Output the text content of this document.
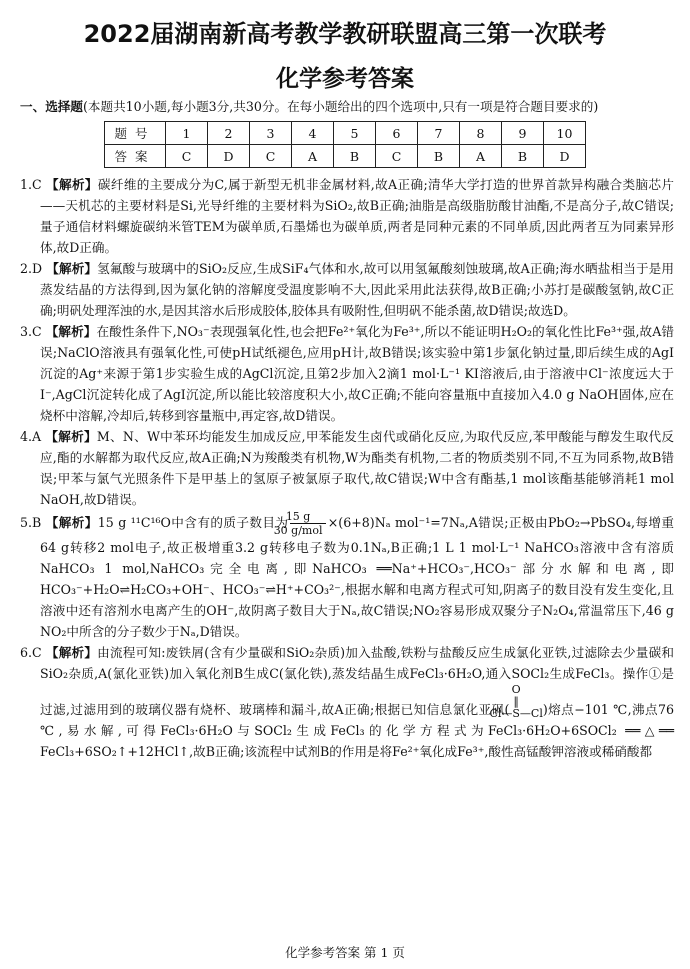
2022届湖南新高考教学教研联盟高三第一次联考
化学参考答案

一、选择题(本题共10小题,每小题3分,共30分。在每小题给出的四个选项中,只有一项是符合题目要求的)

题号	1	2	3	4	5	6	7	8	9	10
答案	C	D	C	A	B	C	B	A	B	D

1.C 【解析】碳纤维的主要成分为C,属于新型无机非金属材料,故A正确;清华大学打造的世界首款异构融合类脑芯片——天机芯的主要材料是Si,光导纤维的主要材料为SiO₂,故B正确;油脂是高级脂肪酸甘油酯,不是高分子,故C错误;量子通信材料螺旋碳纳米管TEM为碳单质,石墨烯也为碳单质,两者是同种元素的不同单质,因此两者互为同素异形体,故D正确。

2.D 【解析】氢氟酸与玻璃中的SiO₂反应,生成SiF₄气体和水,故可以用氢氟酸刻蚀玻璃,故A正确;海水晒盐相当于是用蒸发结晶的方法得到,因为氯化钠的溶解度受温度影响不大,因此采用此法获得,故B正确;小苏打是碳酸氢钠,故C正确;明矾处理浑浊的水,是因其溶水后形成胶体,胶体具有吸附性,但明矾不能杀菌,故D错误;故选D。

3.C 【解析】在酸性条件下,NO₃⁻表现强氧化性,也会把Fe²⁺氧化为Fe³⁺,所以不能证明H₂O₂的氧化性比Fe³⁺强,故A错误;NaClO溶液具有强氧化性,可使pH试纸褪色,应用pH计,故B错误;该实验中第1步氯化钠过量,即后续生成的AgI沉淀的Ag⁺来源于第1步实验生成的AgCl沉淀,且第2步加入2滴1 mol·L⁻¹ KI溶液后,由于溶液中Cl⁻浓度远大于I⁻,AgCl沉淀转化成了AgI沉淀,所以能比较溶度积大小,故C正确;不能向容量瓶中直接加入4.0 g NaOH固体,应在烧杯中溶解,冷却后,转移到容量瓶中,再定容,故D错误。

4.A 【解析】M、N、W中苯环均能发生加成反应,甲苯能发生卤代或硝化反应,为取代反应,苯甲酸能与醇发生取代反应,酯的水解都为取代反应,故A正确;N为羧酸类有机物,W为酯类有机物,二者的物质类别不同,不互为同系物,故B错误;甲苯与氯气光照条件下是甲基上的氢原子被氯原子取代,故C错误;W中含有酯基,1 mol该酯基能够消耗1 mol NaOH,故D错误。

5.B 【解析】15 g ¹¹C¹⁶O中含有的质子数目为 $\frac{15 g}{\text{30 g/mol}} \times(6+8)N_a$ mol⁻¹=7Nₐ,A错误;正极由PbO₂→PbSO₄,每增重64 g转移2 mol电子,故正极增重3.2 g转移电子数为0.1Nₐ,B正确;1 L 1 mol·L⁻¹ NaHCO₃溶液中含有溶质NaHCO₃ 1 mol,NaHCO₃完全电离,即NaHCO₃ ══Na⁺+HCO₃⁻,HCO₃⁻部分水解和电离,即HCO₃⁻+H₂O⇌H₂CO₃+OH⁻、HCO₃⁻⇌H⁺+CO₃²⁻,根据水解和电离方程式可知,阴离子的数目没有发生变化,且溶液中还有溶剂水电离产生的OH⁻,故阴离子数目大于Nₐ,故C错误;NO₂容易形成双聚分子N₂O₄,常温常压下,46 g NO₂中所含的分子数少于Nₐ,D错误。

6.C 【解析】由流程可知:废铁屑(含有少量碳和SiO₂杂质)加入盐酸,铁粉与盐酸反应生成氯化亚铁,过滤除去少量碳和SiO₂杂质,A(氯化亚铁)加入氧化剂B生成C(氯化铁),蒸发结晶生成FeCl₃·6H₂O,通入SOCl₂生成FeCl₃。操作①是过滤,过滤用到的玻璃仪器有烧杯、玻璃棒和漏斗,故A正确;根据已知信息氯化亚砜(
O
‖
Cl—S—Cl )熔点−101 ℃,沸点76 ℃,易水解,可得FeCl₃·6H₂O与SOCl₂生成FeCl₃的化学方程式为FeCl₃·6H₂O+6SOCl₂ ══△══ FeCl₃+6SO₂↑+12HCl↑,故B正确;该流程中试剂B的作用是将Fe²⁺氧化成Fe³⁺,酸性高锰酸钾溶液或稀硝酸都

化学参考答案 第 1 页
